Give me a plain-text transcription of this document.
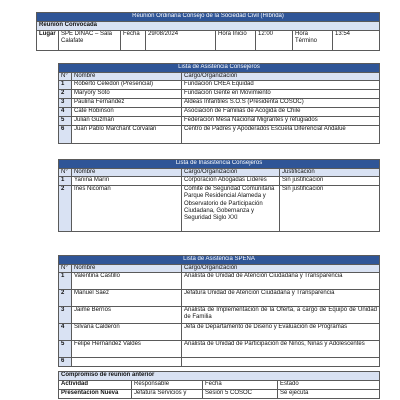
Reunión Ordinaria Consejo de la Sociedad Civil (Híbrida)
Reunión Convocada
Lugar	SPE DINAC – Sala Calafate	Fecha	29/08/2024	Hora Inicio	12:00	Hora Término	13:54
Lista de Asistencia Consejeros		
N°	Nombre	Cargo/Organización
1	Roberto Celedon (Presencial)	Fundación CREA Equidad
2	Maryory Soto	Fundación Gente en Movimiento
3	Paulina Fernandez	Aldeas Infantiles S.O.S (Presidenta COSOC)
4	Cate Robinson	Asociación de Familias de Acogida de Chile
5	Julián Guzmán	Federación Mesa Nacional Migrantes y refugiados
6	Juan Pablo Marchant Corvalán	Centro de Padres y Apoderados Escuela Diferencial Andalué
Lista de Inasistencia Consejeros			
N°	Nombre	Cargo/Organización	Justificación
1	Yanina Marín	Corporación Abogadas Líderes	Sin justificación
2	Ines Nicoman	Comité de Seguridad Comunitaria Parque Residencial Alameda y Observatorio de Participación Ciudadana, Gobernanza y Seguridad Siglo XXI	Sin justificación
Lista de Asistencia SPENA		
N°	Nombre	Cargo/Organización
1	Valentina Castillo	Analista de Unidad de Atención Ciudadana y Transparencia
2	Manuel Sáez	Jefatura Unidad de Atención Ciudadana y Transparencia
3	Jaime Berríos	Analista de Implementación de la Oferta, a cargo de Equipo de Unidad de Familia
4	Silvana Calderón	Jefa de Departamento de Diseño y Evaluación de Programas
5	Felipe Hernández Valdés	Analista de Unidad de Participación de Niños, Niñas y Adolescentes
6		
Compromiso de reunión anterior			
Actividad	Responsable	Fecha	Estado
Presentación Nueva	Jefatura Servicios y	Sesión 5 COSOC	Se ejecuta
